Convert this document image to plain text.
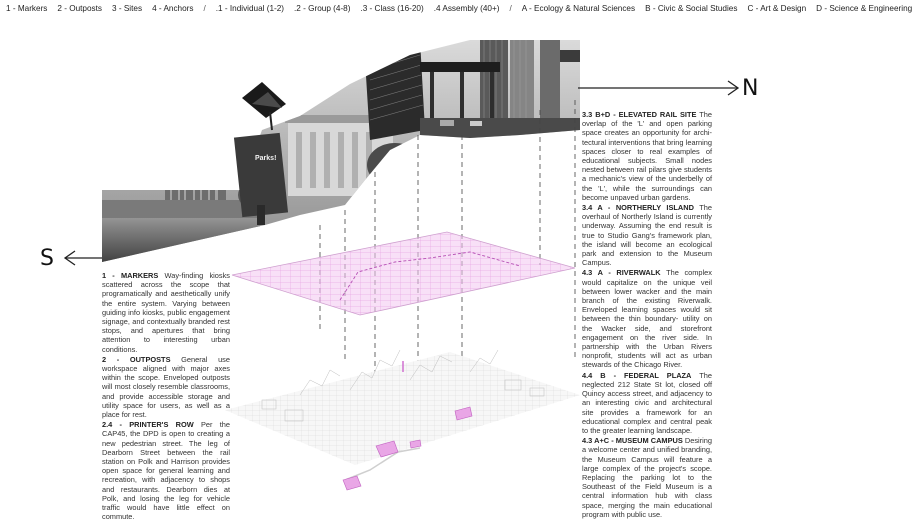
1 - Markers 2 - Outposts 3 - Sites 4 - Anchors / .1 - Individual (1-2) .2 - Group (4-8) .3 - Class (16-20) .4 Assembly (40+) / A - Ecology & Natural Sciences B - Civic & Social Studies C - Art & Design D - Science & Engineering
Parks!
N
S

1 - MARKERS Way-finding kiosks scattered across the scope that programatically and aesthetically unify the entire system. Varying between guiding info kiosks, public engagement signage, and contextually branded rest stops, and apertures that bring attention to interesting urban conditions.

2 - OUTPOSTS General use workspace aligned with major axes within the scope. Enveloped outposts will most closely resemble classrooms, and provide accessible storage and utility space for users, as well as a place for rest.

2.4 - PRINTER'S ROW Per the CAP45, the DPD is open to creating a new pedestrian street. The leg of Dearborn Street between the rail station on Polk and Harrison provides open space for general learning and recreation, with adjacency to shops and restaurants. Dearborn dies at Polk, and losing the leg for vehicle traffic would have little effect on commute.

3.3 B+D - ELEVATED RAIL SITE The overlap of the 'L' and open parking space creates an opportunity for archi-tectural interventions that bring learning spaces closer to real examples of educational subjects. Small nodes nested between rail pilars give students a mechanic's view of the underbelly of the 'L', while the surroundings can become unpaved urban gardens.

3.4 A - NORTHERLY ISLAND The overhaul of Northerly Island is currently underway. Assuming the end result is true to Studio Gang's framework plan, the island will become an ecological park and extension to the Museum Campus.

4.3 A - RIVERWALK The complex would capitalize on the unique veil between lower wacker and the main branch of the existing Riverwalk. Enveloped learning spaces would sit between the thin boundary- utility on the Wacker side, and storefront engagement on the river side. In partnership with the Urban Rivers nonprofit, students will act as urban stewards of the Chicago River.

4.4 B - FEDERAL PLAZA The neglected 212 State St lot, closed off Quincy access street, and adjacency to an interesting civic and architectural site provides a framework for an educational complex and central peak to the greater learning landscape.

4.3 A+C - MUSEUM CAMPUS Desiring a welcome center and unified branding, the Museum Campus will feature a large complex of the project's scope. Replacing the parking lot to the Southeast of the Field Museum is a central information hub with class space, merging the main educational program with public use.
